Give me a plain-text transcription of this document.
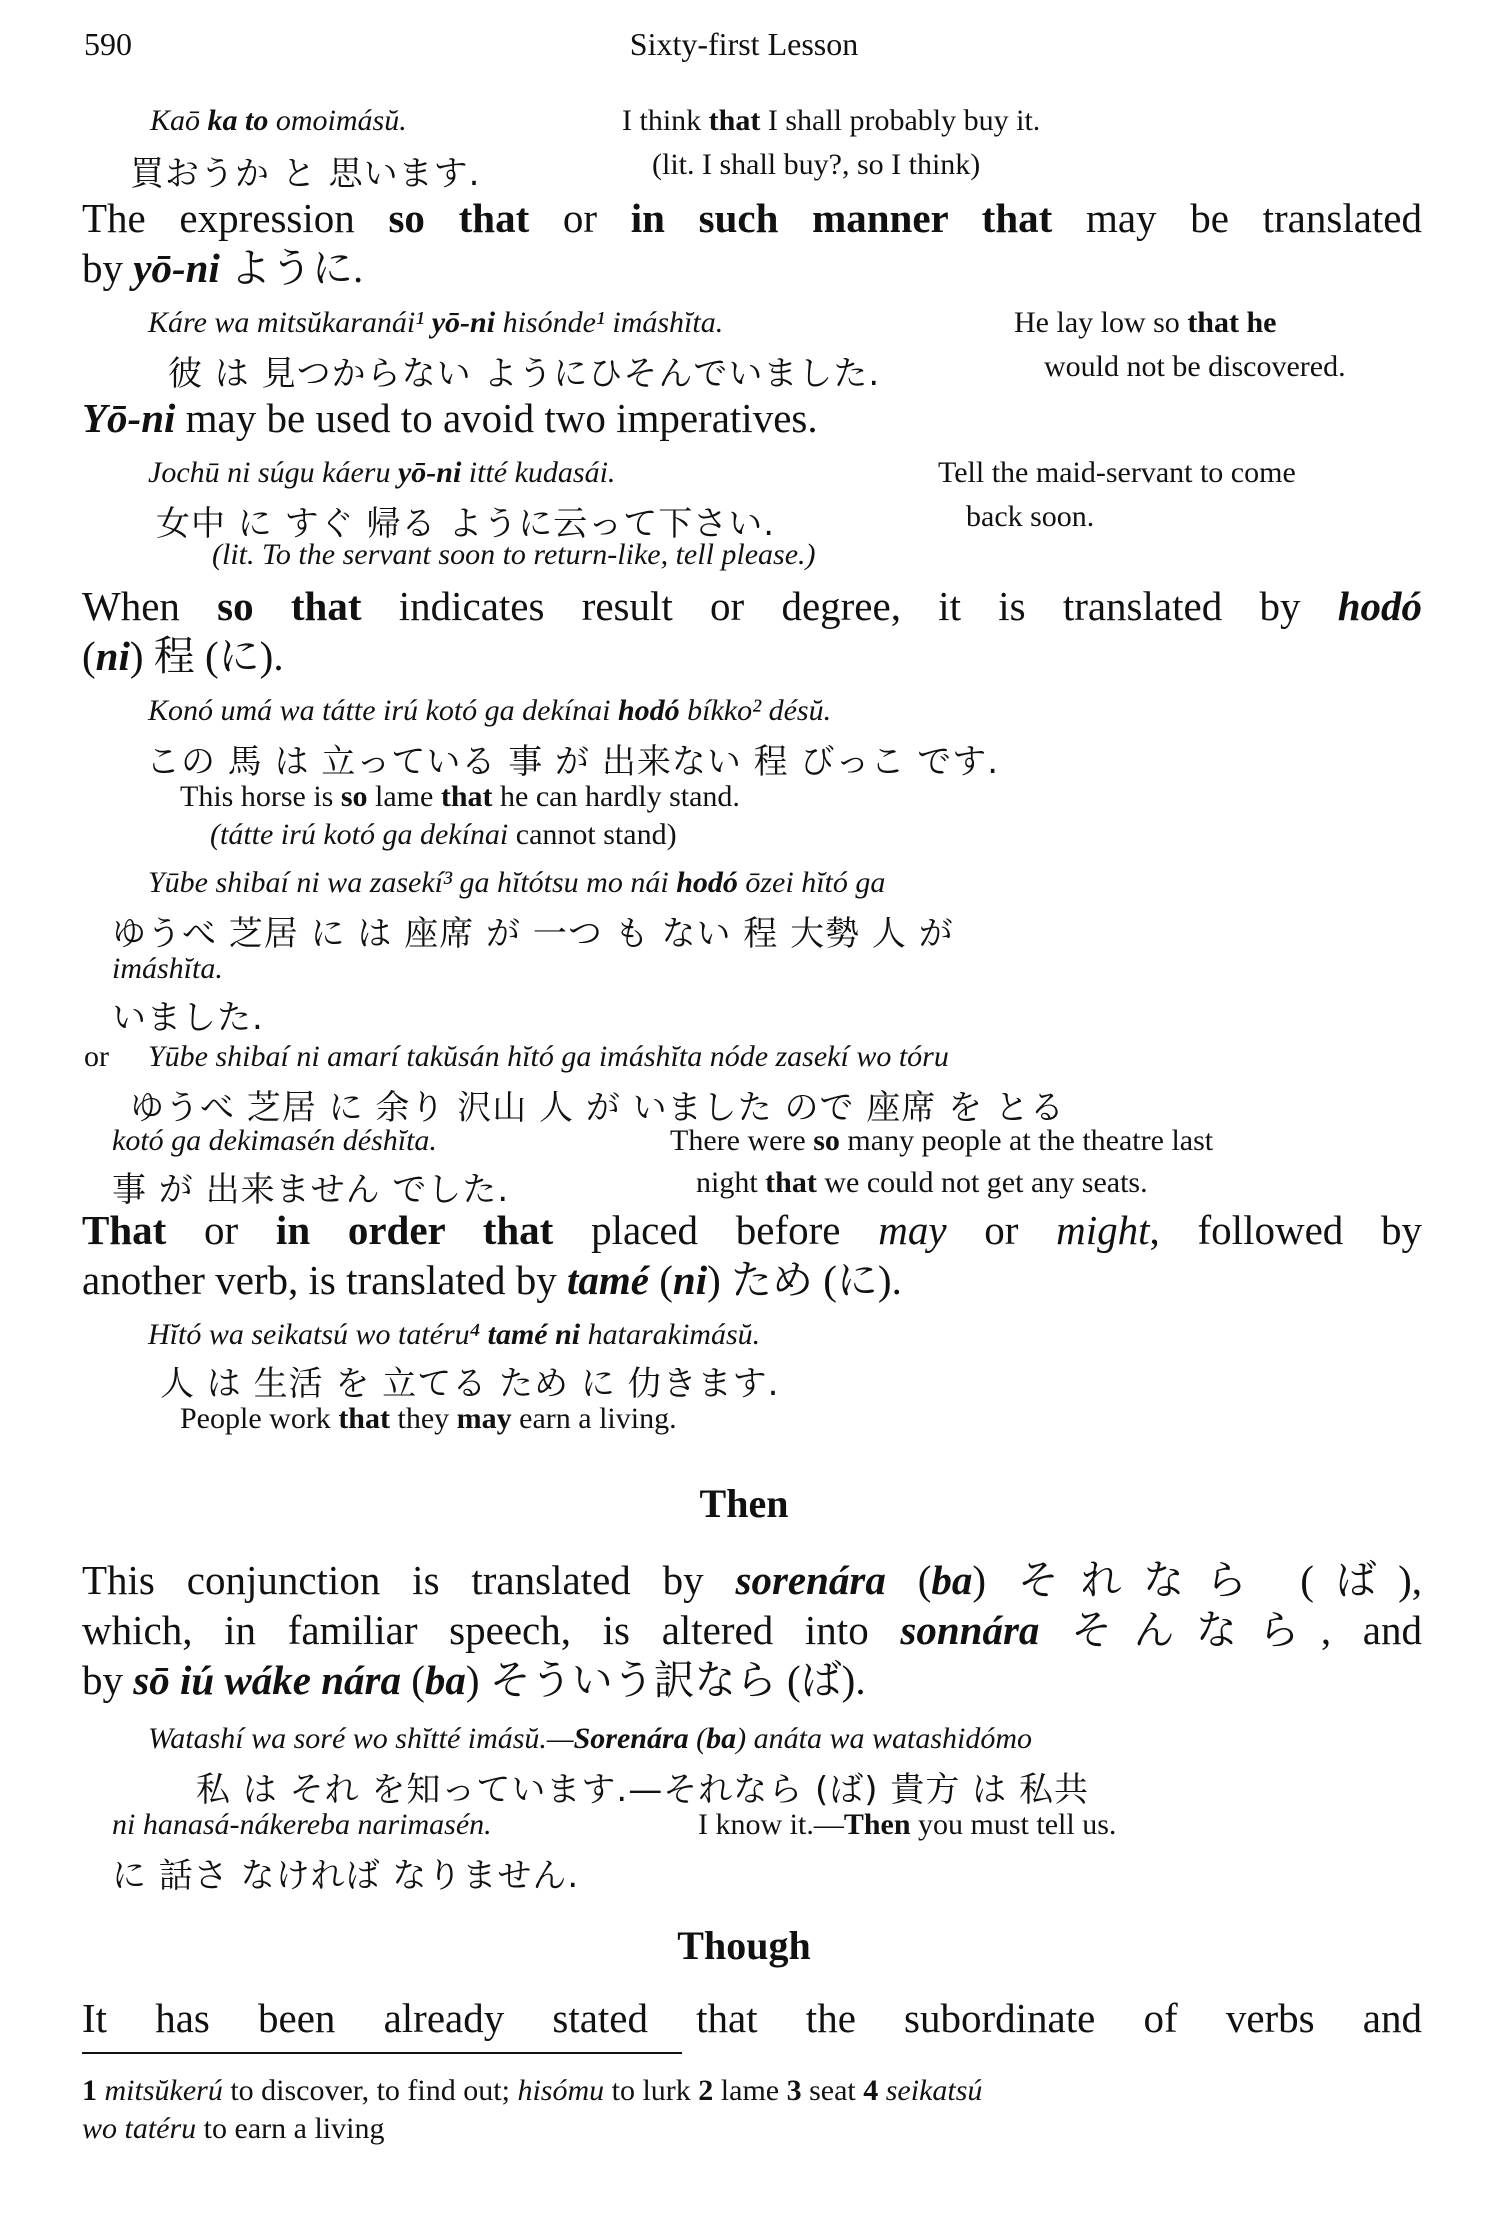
590	Sixty-first Lesson
Kaō ka to omoimásŭ.	I think that I shall probably buy it.
買おうか と 思います.	(lit. I shall buy?, so I think)
The expression so that or in such manner that may be translated
by yō-ni ように.
Káre wa mitsŭkaranái¹ yō-ni hisónde¹ imáshĭta.	He lay low so that he
彼 は 見つからない ようにひそんでいました.	would not be discovered.
Yō-ni may be used to avoid two imperatives.
Jochū ni súgu káeru yō-ni itté kudasái.	Tell the maid-servant to come
女中 に すぐ 帰る ように云って下さい.	back soon.
(lit. To the servant soon to return-like, tell please.)
When so that indicates result or degree, it is translated by hodó
(ni) 程 (に).
Konó umá wa tátte irú kotó ga dekínai hodó bíkko² désŭ.
この 馬 は 立っている 事 が 出来ない 程 びっこ です.
This horse is so lame that he can hardly stand.
(tátte irú kotó ga dekínai cannot stand)
Yūbe shibaí ni wa zasekí³ ga hĭtótsu mo nái hodó ōzei hĭtó ga
ゆうべ 芝居 に は 座席 が 一つ も ない 程 大勢 人 が
imáshĭta.
いました.
or Yūbe shibaí ni amarí takŭsán hĭtó ga imáshĭta nóde zasekí wo tóru
ゆうべ 芝居 に 余り 沢山 人 が いました ので 座席 を とる
kotó ga dekimasén déshĭta.	There were so many people at the theatre last
事 が 出来ません でした.	night that we could not get any seats.
That or in order that placed before may or might, followed by
another verb, is translated by tamé (ni) ため (に).
Hĭtó wa seikatsú wo tatéru⁴ tamé ni hatarakimásŭ.
人 は 生活 を 立てる ため に 仂きます.
People work that they may earn a living.
Then
This conjunction is translated by sorenára (ba) それなら (ば),
which, in familiar speech, is altered into sonnára そんなら, and
by sō iú wáke nára (ba) そういう訳なら (ば).
Watashí wa soré wo shĭtté imásŭ.—Sorenára (ba) anáta wa watashidómo
私 は それ を知っています.—それなら (ば) 貴方 は 私共
ni hanasá-nákereba narimasén.	I know it.—Then you must tell us.
に 話さ なければ なりません.
Though
It has been already stated that the subordinate of verbs and
1 mitsŭkerú to discover, to find out; hisómu to lurk 2 lame 3 seat 4 seikatsú
wo tatéru to earn a living
